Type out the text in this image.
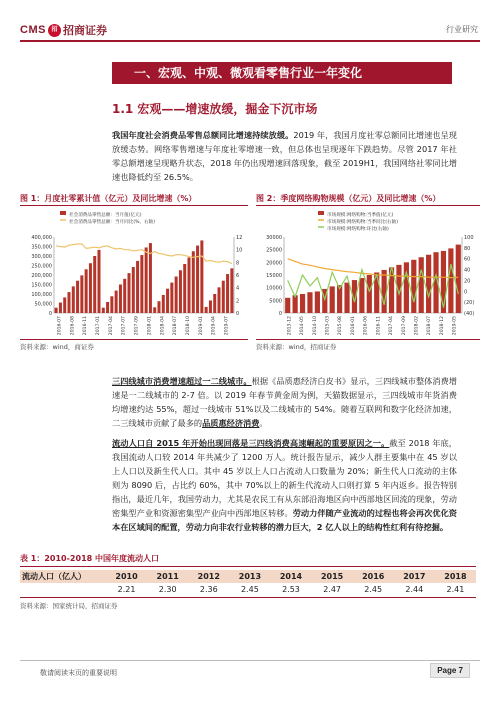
CMS 招 招商证券	行业研究
一、宏观、中观、微观看零售行业一年变化
1.1 宏观——增速放缓，掘金下沉市场
我国年度社会消费品零售总额同比增速持续放缓。2019 年，我国月度社零总额同比增速也呈现放缓态势。网络零售增速与年度社零增速一致，但总体也呈现逐年下跌趋势。尽管 2017 年社零总额增速呈现略升状态，2018 年仍出现增速回落现象，截至 2019H1，我国网络社零同比增速也降低约至 26.5%。
图 1：月度社零累计值（亿元）及同比增速（%）
社会消费品零售总额：当月值(亿元)
社会消费品零售总额：当月同比(%，右轴)
0
50,000
100,000
150,000
200,000
250,000
300,000
350,000
400,000
0
2
4
6
8
10
12
2016-07 2016-08 2016-11 2017-01 2017-04 2017-07 2017-09 2018-01 2018-04 2018-07 2018-10 2019-01 2019-04 2019-07
资料来源：wind，商证券
图 2：季度网络购物规模（亿元）及同比增速（%）
市场规模:网络购物:当季值(亿元)
市场规模:网络购物:当季同比(右轴)
市场规模:网络购物:环比(右轴)
0
5000
10000
15000
20000
25000
30000
(40)
(20)
0
20
40
60
80
100
2013-12 2014-05 2014-10 2015-03 2015-08 2016-01 2016-06 2016-11 2017-04 2017-09 2018-02 2018-07 2018-12 2019-05
资料来源：wind，招商证券
三四线城市消费增速超过一二线城市。根据《品质惠经济白皮书》显示，三四线城市整体消费增速是一二线城市的 2-7 倍。以 2019 年春节黄金周为例，天猫数据显示，三四线城市年货消费均增速约达 55%，超过一线城市 51%以及二线城市的 54%。随着互联网和数字化经济加速，二三线城市贡献了最多的品质惠经济消费。
流动人口自 2015 年开始出现回落是三四线消费高速崛起的重要原因之一。截至 2018 年底，我国流动人口较 2014 年共减少了 1200 万人。统计报告显示，减少人群主要集中在 45 岁以上人口以及新生代人口。其中 45 岁以上人口占流动人口数量为 20%；新生代人口流动的主体则为 8090 后，占比约 60%，其中 70%以上的新生代流动人口则打算 5 年内返乡。报告特别指出，最近几年，我国劳动力，尤其是农民工有从东部沿海地区向中西部地区回流的现象，劳动密集型产业和资源密集型产业向中西部地区转移。劳动力伴随产业流动的过程也将会再次优化资本在区域间的配置，劳动力向非农行业转移的潜力巨大，2 亿人以上的结构性红利有待挖掘。
表 1：2010-2018 中国年度流动人口
流动人口（亿人）	2010	2011	2012	2013	2014	2015	2016	2017	2018
	2.21	2.30	2.36	2.45	2.53	2.47	2.45	2.44	2.41
资料来源：国家统计局，招商证券
敬请阅读末页的重要说明	Page 7
